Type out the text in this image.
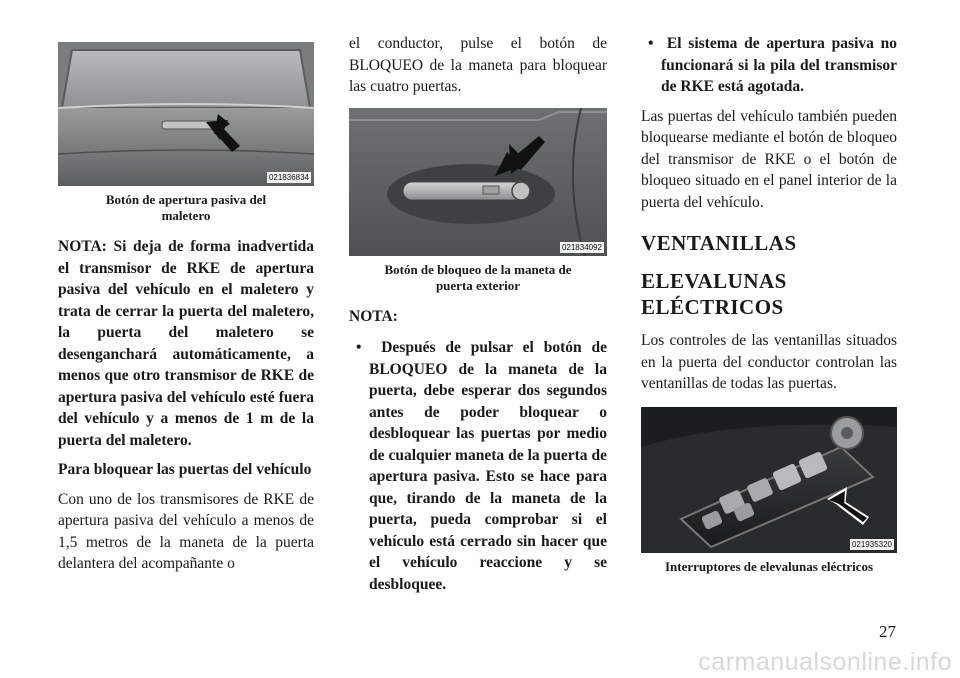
021836834
Botón de apertura pasiva del
maletero

NOTA: Si deja de forma inadvertida el transmisor de RKE de apertura pasiva del vehículo en el maletero y trata de cerrar la puerta del maletero, la puerta del maletero se desenganchará automáticamente, a menos que otro transmisor de RKE de apertura pasiva del vehículo esté fuera del vehículo y a menos de 1 m de la puerta del maletero.

Para bloquear las puertas del vehículo

Con uno de los transmisores de RKE de apertura pasiva del vehículo a menos de 1,5 metros de la maneta de la puerta delantera del acompañante o

el conductor, pulse el botón de BLOQUEO de la maneta para bloquear las cuatro puertas.

021834092
Botón de bloqueo de la maneta de
puerta exterior

NOTA:

•  Después de pulsar el botón de BLOQUEO de la maneta de la puerta, debe esperar dos segundos antes de poder bloquear o desbloquear las puertas por medio de cualquier maneta de la puerta de apertura pasiva. Esto se hace para que, tirando de la maneta de la puerta, pueda comprobar si el vehículo está cerrado sin hacer que el vehículo reaccione y se desbloquee.

•  El sistema de apertura pasiva no funcionará si la pila del transmisor de RKE está agotada.

Las puertas del vehículo también pueden bloquearse mediante el botón de bloqueo del transmisor de RKE o el botón de bloqueo situado en el panel interior de la puerta del vehículo.

VENTANILLAS

ELEVALUNAS
ELÉCTRICOS

Los controles de las ventanillas situados en la puerta del conductor controlan las ventanillas de todas las puertas.

021935320
Interruptores de elevalunas eléctricos
27
carmanualsonline.info
